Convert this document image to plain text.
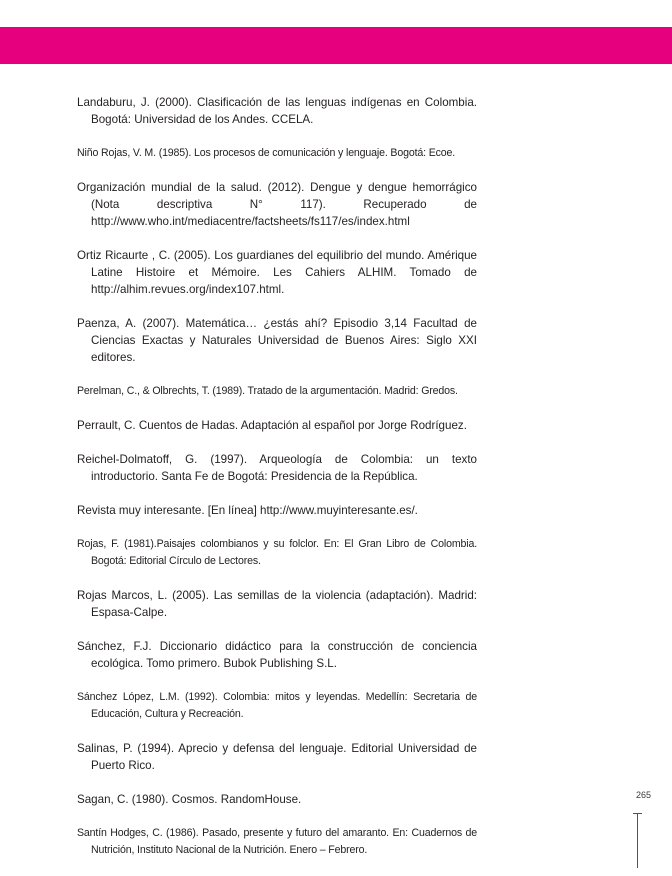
Landaburu, J. (2000). Clasificación de las lenguas indígenas en Colombia. Bogotá: Universidad de los Andes. CCELA.

Niño Rojas, V. M. (1985). Los procesos de comunicación y lenguaje. Bogotá: Ecoe.

Organización mundial de la salud. (2012). Dengue y dengue hemorrágico (Nota descriptiva N° 117). Recuperado de http://www.who.int/mediacentre/factsheets/fs117/es/index.html

Ortiz Ricaurte , C. (2005). Los guardianes del equilibrio del mundo. Amérique Latine Histoire et Mémoire. Les Cahiers ALHIM. Tomado de http://alhim.revues.org/index107.html.

Paenza, A. (2007). Matemática… ¿estás ahí? Episodio 3,14 Facultad de Ciencias Exactas y Naturales Universidad de Buenos Aires: Siglo XXI editores.

Perelman, C., & Olbrechts, T. (1989). Tratado de la argumentación. Madrid: Gredos.

Perrault, C. Cuentos de Hadas. Adaptación al español por Jorge Rodríguez.

Reichel-Dolmatoff, G. (1997). Arqueología de Colombia: un texto introductorio. Santa Fe de Bogotá: Presidencia de la República.

Revista muy interesante. [En línea] http://www.muyinteresante.es/.

Rojas, F. (1981).Paisajes colombianos y su folclor. En: El Gran Libro de Colombia. Bogotá: Editorial Círculo de Lectores.

Rojas Marcos, L. (2005). Las semillas de la violencia (adaptación). Madrid: Espasa-Calpe.

Sánchez, F.J. Diccionario didáctico para la construcción de conciencia ecológica. Tomo primero. Bubok Publishing S.L.

Sánchez López, L.M. (1992). Colombia: mitos y leyendas. Medellín: Secretaria de Educación, Cultura y Recreación.

Salinas, P. (1994). Aprecio y defensa del lenguaje. Editorial Universidad de Puerto Rico.

Sagan, C. (1980). Cosmos. RandomHouse.

Santín Hodges, C. (1986). Pasado, presente y futuro del amaranto. En: Cuadernos de Nutrición, Instituto Nacional de la Nutrición. Enero – Febrero.

265
